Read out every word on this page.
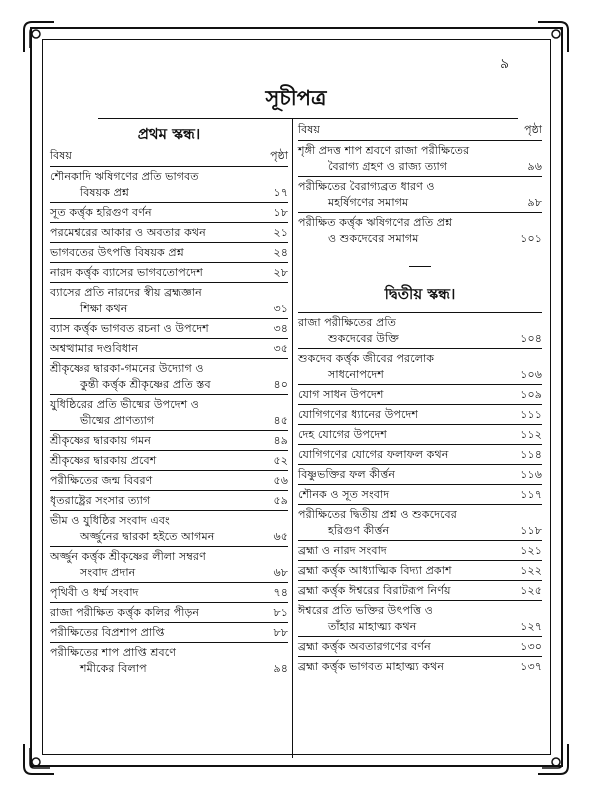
৯
সূচীপত্র
প্রথম স্কন্ধ।
বিষয়	পৃষ্ঠা
শৌনকাদি ঋষিগণের প্রতি ভাগবত
বিষয়ক প্রশ্ন	১৭
সূত কর্ত্তৃক হরিগুণ বর্ণন	১৮
পরমেশ্বরের আকার ও অবতার কথন	২১
ভাগবতের উৎপত্তি বিষয়ক প্রশ্ন	২৪
নারদ কর্ত্তৃক ব্যাসের ভাগবতোপদেশ	২৮
ব্যাসের প্রতি নারদের স্বীয় ব্রহ্মজ্ঞান
শিক্ষা কথন	৩১
ব্যাস কর্ত্তৃক ভাগবত রচনা ও উপদেশ	৩৪
অশ্বত্থামার দণ্ডবিধান	৩৫
শ্রীকৃষ্ণের দ্বারকা-গমনের উদ্যোগ ও
কুন্তী কর্ত্তৃক শ্রীকৃষ্ণের প্রতি স্তব	৪০
যুধিষ্ঠিরের প্রতি ভীষ্মের উপদেশ ও
ভীষ্মের প্রাণত্যাগ	৪৫
শ্রীকৃষ্ণের দ্বারকায় গমন	৪৯
শ্রীকৃষ্ণের দ্বারকায় প্রবেশ	৫২
পরীক্ষিতের জন্ম বিবরণ	৫৬
ধৃতরাষ্ট্রের সংসার ত্যাগ	৫৯
ভীম ও যুধিষ্ঠির সংবাদ এবং
অর্জ্জুনের দ্বারকা হইতে আগমন	৬৫
অর্জ্জুন কর্ত্তৃক শ্রীকৃষ্ণের লীলা সম্বরণ
সংবাদ প্রদান	৬৮
পৃথিবী ও ধর্ম্ম সংবাদ	৭৪
রাজা পরীক্ষিত কর্ত্তৃক কলির পীড়ন	৮১
পরীক্ষিতের বিপ্রশাপ প্রাপ্তি	৮৮
পরীক্ষিতের শাপ প্রাপ্তি শ্রবণে
শমীকের বিলাপ	৯৪
বিষয়	পৃষ্ঠা
শৃঙ্গী প্রদত্ত শাপ শ্রবণে রাজা পরীক্ষিতের
বৈরাগ্য গ্রহণ ও রাজ্য ত্যাগ	৯৬
পরীক্ষিতের বৈরাগ্যব্রত ধারণ ও
মহর্ষিগণের সমাগম	৯৮
পরীক্ষিত কর্ত্তৃক ঋষিগণের প্রতি প্রশ্ন
ও শুকদেবের সমাগম	১০১
দ্বিতীয় স্কন্ধ।
রাজা পরীক্ষিতের প্রতি
শুকদেবের উক্তি	১০৪
শুকদেব কর্ত্তৃক জীবের পরলোক
সাধনোপদেশ	১০৬
যোগ সাধন উপদেশ	১০৯
যোগিগণের ধ্যানের উপদেশ	১১১
দেহ যোগের উপদেশ	১১২
যোগিগণের যোগের ফলাফল কথন	১১৪
বিষ্ণুভক্তির ফল কীর্ত্তন	১১৬
শৌনক ও সূত সংবাদ	১১৭
পরীক্ষিতের দ্বিতীয় প্রশ্ন ও শুকদেবের
হরিগুণ কীর্ত্তন	১১৮
ব্রহ্মা ও নারদ সংবাদ	১২১
ব্রহ্মা কর্ত্তৃক আধ্যাত্মিক বিদ্যা প্রকাশ	১২২
ব্রহ্মা কর্ত্তৃক ঈশ্বরের বিরাটরূপ নির্ণয়	১২৫
ঈশ্বরের প্রতি ভক্তির উৎপত্তি ও
তাঁহার মাহাত্ম্য কথন	১২৭
ব্রহ্মা কর্ত্তৃক অবতারগণের বর্ণন	১৩০
ব্রহ্মা কর্ত্তৃক ভাগবত মাহাত্ম্য কথন	১৩৭
